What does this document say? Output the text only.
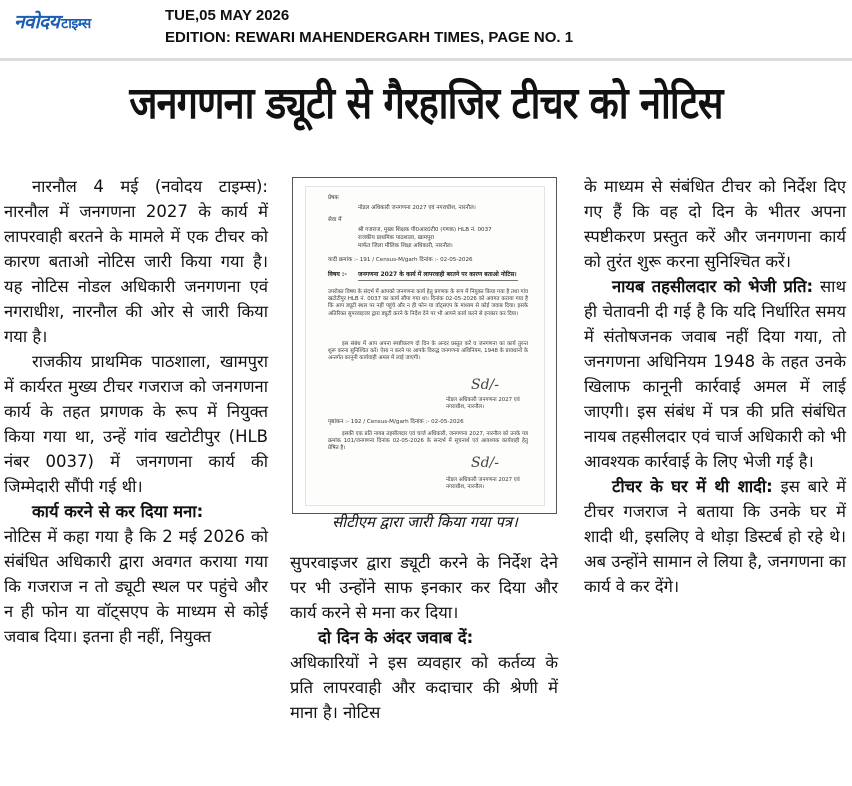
नवोदय टाइम्स	TUE,05 MAY 2026
EDITION: REWARI MAHENDERGARH TIMES, PAGE NO. 1
जनगणना ड्यूटी से गैरहाजिर टीचर को नोटिस

नारनौल 4 मई (नवोदय टाइम्स): नारनौल में जनगणना 2027 के कार्य में लापरवाही बरतने के मामले में एक टीचर को कारण बताओ नोटिस जारी किया गया है। यह नोटिस नोडल अधिकारी जनगणना एवं नगराधीश, नारनौल की ओर से जारी किया गया है।

राजकीय प्राथमिक पाठशाला, खामपुरा में कार्यरत मुख्य टीचर गजराज को जनगणना कार्य के तहत प्रगणक के रूप में नियुक्त किया गया था, उन्हें गांव खटोटीपुर (HLB नंबर 0037) में जनगणना कार्य की जिम्मेदारी सौंपी गई थी।

कार्य करने से कर दिया मना:

नोटिस में कहा गया है कि 2 मई 2026 को संबंधित अधिकारी द्वारा अवगत कराया गया कि गजराज न तो ड्यूटी स्थल पर पहुंचे और न ही फोन या वॉट्सएप के माध्यम से कोई जवाब दिया। इतना ही नहीं, नियुक्त

प्रेषक
नोडल अधिकारी जनगणना 2027 एवं नगराधीश, नारनौल।
सेवा में
श्री गजराज, मुख्य शिक्षक पी0आर0टी0 (गणक) HLB नं. 0037
राजकीय प्राथमिक पाठशाला, खामपुरा
मार्फत जिला मौलिक शिक्षा अधिकारी, नारनौल।
यादी क्रमांक :- 191 / Census-M/garh दिनांक :- 02-05-2026
विषय :- जनगणना 2027 के कार्य में लापरवाही बरतने पर कारण बताओ नोटिस।
उपरोक्त विषय के संदर्भ में आपको जनगणना कार्य हेतु प्रगणक के रूप में नियुक्त किया गया है तथा गांव खटोटीपुर HLB नं. 0037 का कार्य सौंपा गया था। दिनांक 02-05-2026 को अवगत कराया गया है कि आप ड्यूटी स्थल पर नहीं पहुंचे और न ही फोन या वॉट्सएप के माध्यम से कोई जवाब दिया। इसके अतिरिक्त सुपरवाइजर द्वारा ड्यूटी करने के निर्देश देने पर भी आपने कार्य करने से इनकार कर दिया।
इस संबंध में आप अपना स्पष्टीकरण दो दिन के अन्दर प्रस्तुत करें व जनगणना का कार्य तुरन्त शुरू करना सुनिश्चित करें। ऐसा न करने पर आपके विरुद्ध जनगणना अधिनियम, 1948 के प्रावधानों के अन्तर्गत कानूनी कार्यवाही अमल में लाई जाएगी।
Sd/-
नोडल अधिकारी जनगणना 2027 एवं नगराधीश, नारनौल।
पृष्ठांकन :- 192 / Census-M/garh दिनांक :- 02-05-2026
इसकी एक प्रति नायब तहसीलदार एवं चार्ज अधिकारी, जनगणना 2027, नारनौल को उनके पत्र क्रमांक 101/जनगणना दिनांक 02-05-2026 के सन्दर्भ में सूचनार्थ एवं आवश्यक कार्यवाही हेतु प्रेषित है।
Sd/-
नोडल अधिकारी जनगणना 2027 एवं नगराधीश, नारनौल।
सीटीएम द्वारा जारी किया गया पत्र।

सुपरवाइजर द्वारा ड्यूटी करने के निर्देश देने पर भी उन्होंने साफ इनकार कर दिया और कार्य करने से मना कर दिया।

दो दिन के अंदर जवाब दें:

अधिकारियों ने इस व्यवहार को कर्तव्य के प्रति लापरवाही और कदाचार की श्रेणी में माना है। नोटिस

के माध्यम से संबंधित टीचर को निर्देश दिए गए हैं कि वह दो दिन के भीतर अपना स्पष्टीकरण प्रस्तुत करें और जनगणना कार्य को तुरंत शुरू करना सुनिश्चित करें।

नायब तहसीलदार को भेजी प्रति: साथ ही चेतावनी दी गई है कि यदि निर्धारित समय में संतोषजनक जवाब नहीं दिया गया, तो जनगणना अधिनियम 1948 के तहत उनके खिलाफ कानूनी कार्रवाई अमल में लाई जाएगी। इस संबंध में पत्र की प्रति संबंधित नायब तहसीलदार एवं चार्ज अधिकारी को भी आवश्यक कार्रवाई के लिए भेजी गई है।

टीचर के घर में थी शादी: इस बारे में टीचर गजराज ने बताया कि उनके घर में शादी थी, इसलिए वे थोड़ा डिस्टर्ब हो रहे थे। अब उन्होंने सामान ले लिया है, जनगणना का कार्य वे कर देंगे।
